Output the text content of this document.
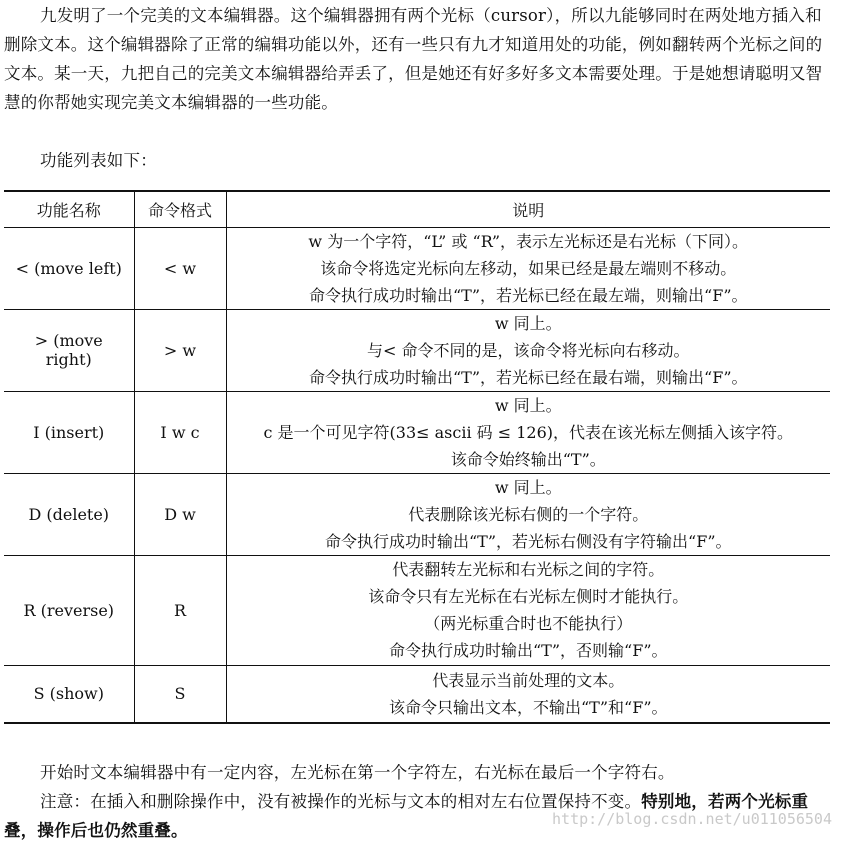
九发明了一个完美的文本编辑器。这个编辑器拥有两个光标（cursor），所以九能够同时在两处地方插入和删除文本。这个编辑器除了正常的编辑功能以外，还有一些只有九才知道用处的功能，例如翻转两个光标之间的文本。某一天，九把自己的完美文本编辑器给弄丢了，但是她还有好多好多文本需要处理。于是她想请聪明又智慧的你帮她实现完美文本编辑器的一些功能。

功能列表如下：

功能名称	命令格式	说明
< (move left)	< w	w 为一个字符，“L” 或 “R”，表示左光标还是右光标（下同）。
该命令将选定光标向左移动，如果已经是最左端则不移动。
命令执行成功时输出“T”，若光标已经在最左端，则输出“F”。

> (move right)	> w	w 同上。
与< 命令不同的是，该命令将光标向右移动。
命令执行成功时输出“T”，若光标已经在最右端，则输出“F”。

I (insert)	I w c	w 同上。
c 是一个可见字符(33≤ ascii 码 ≤ 126)，代表在该光标左侧插入该字符。
该命令始终输出“T”。

D (delete)	D w	w 同上。
代表删除该光标右侧的一个字符。
命令执行成功时输出“T”，若光标右侧没有字符输出“F”。

R (reverse)	R	代表翻转左光标和右光标之间的字符。
该命令只有左光标在右光标左侧时才能执行。
（两光标重合时也不能执行）
命令执行成功时输出“T”，否则输“F”。

S (show)	S	代表显示当前处理的文本。
该命令只输出文本，不输出“T”和“F”。

开始时文本编辑器中有一定内容，左光标在第一个字符左，右光标在最后一个字符右。

注意：在插入和删除操作中，没有被操作的光标与文本的相对左右位置保持不变。特别地，若两个光标重叠，操作后也仍然重叠。

http://blog.csdn.net/u011056504
